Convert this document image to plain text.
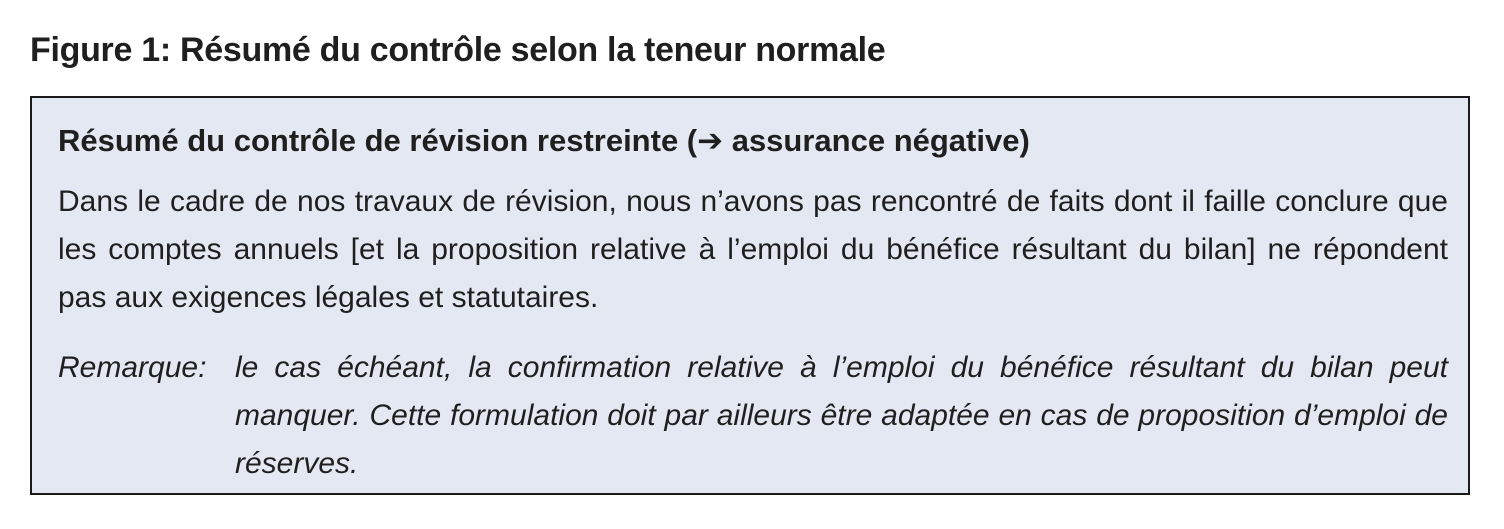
Figure 1: Résumé du contrôle selon la teneur normale
Résumé du contrôle de révision restreinte (➔ assurance négative)
Dans le cadre de nos travaux de révision, nous n’avons pas rencontré de faits dont il faille conclure que les comptes annuels [et la proposition relative à l’emploi du bénéfice résultant du bilan] ne répondent pas aux exigences légales et statutaires.
Remarque: le cas échéant, la confirmation relative à l’emploi du bénéfice résultant du bilan peut manquer. Cette formulation doit par ailleurs être adaptée en cas de proposition d’emploi de réserves.
